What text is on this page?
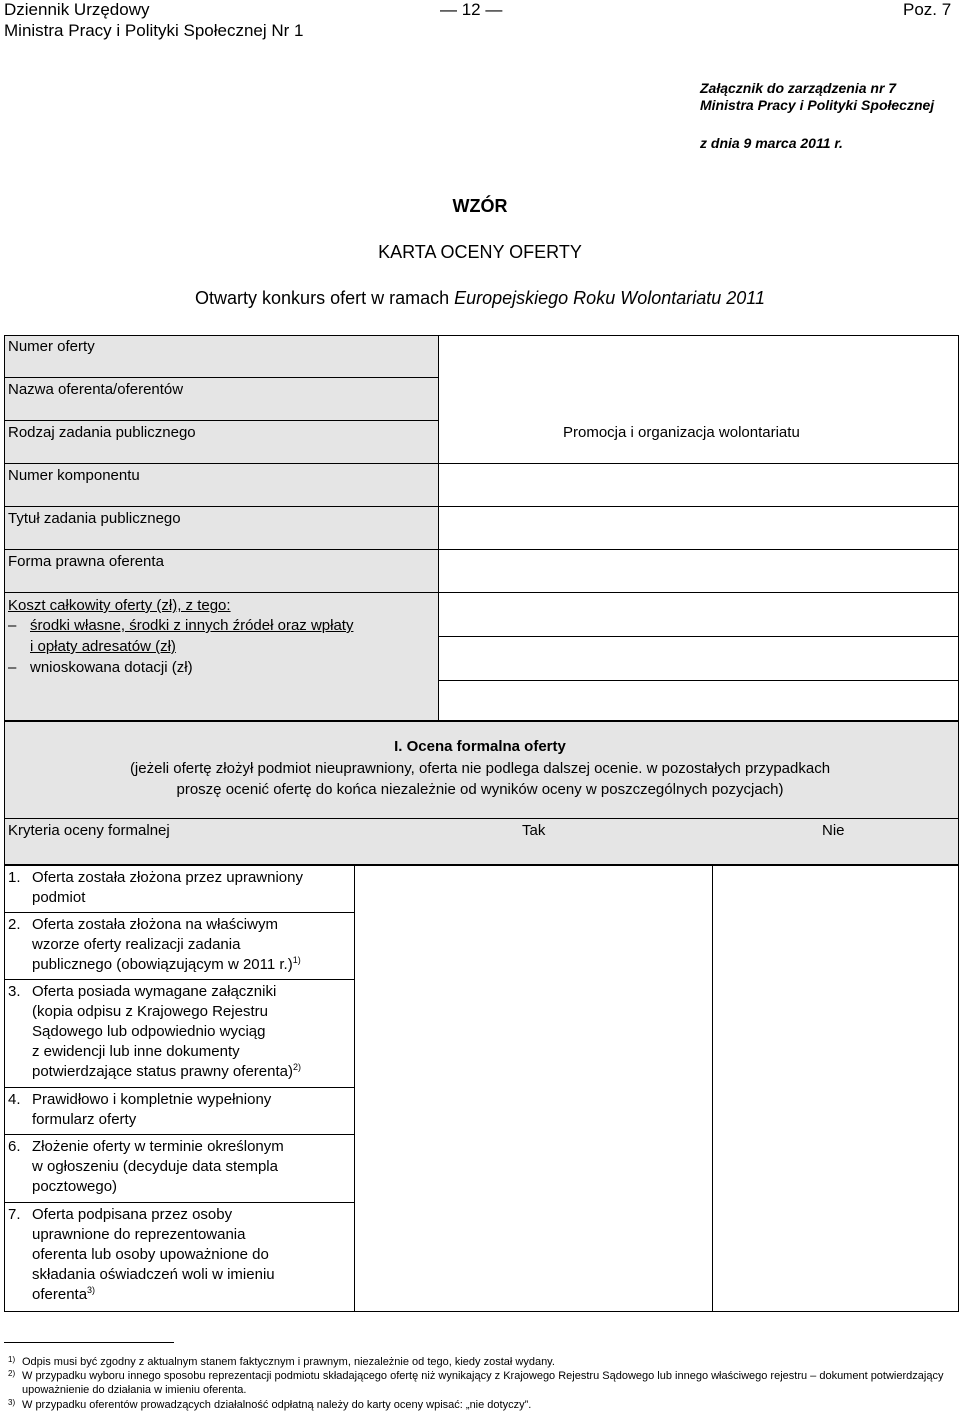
Dziennik Urzędowy
Ministra Pracy i Polityki Społecznej Nr 1
— 12 —	Poz. 7
Załącznik do zarządzenia nr 7
Ministra Pracy i Polityki Społecznej
z dnia 9 marca 2011 r.
WZÓR
KARTA OCENY OFERTY
Otwarty konkurs ofert w ramach Europejskiego Roku Wolontariatu 2011
Numer oferty
Nazwa oferenta/oferentów
Rodzaj zadania publicznego	Promocja i organizacja wolontariatu
Numer komponentu
Tytuł zadania publicznego
Forma prawna oferenta
Koszt całkowity oferty (zł), z tego:
– środki własne, środki z innych źródeł oraz wpłaty
i opłaty adresatów (zł)
– wnioskowana dotacji (zł)
I. Ocena formalna oferty
(jeżeli ofertę złożył podmiot nieuprawniony, oferta nie podlega dalszej ocenie. w pozostałych przypadkach
proszę ocenić ofertę do końca niezależnie od wyników oceny w poszczególnych pozycjach)
Kryteria oceny formalnej	Tak	Nie
1. Oferta została złożona przez uprawniony
podmiot
2. Oferta została złożona na właściwym
wzorze oferty realizacji zadania
publicznego (obowiązującym w 2011 r.)$^{1)}$
3. Oferta posiada wymagane załączniki
(kopia odpisu z Krajowego Rejestru
Sądowego lub odpowiednio wyciąg
z ewidencji lub inne dokumenty
potwierdzające status prawny oferenta)$^{2)}$
4. Prawidłowo i kompletnie wypełniony
formularz oferty
6. Złożenie oferty w terminie określonym
w ogłoszeniu (decyduje data stempla
pocztowego)
7. Oferta podpisana przez osoby
uprawnione do reprezentowania
oferenta lub osoby upoważnione do
składania oświadczeń woli w imieniu
oferenta$^{3)}$
1) Odpis musi być zgodny z aktualnym stanem faktycznym i prawnym, niezależnie od tego, kiedy został wydany.
2) W przypadku wyboru innego sposobu reprezentacji podmiotu składającego ofertę niż wynikający z Krajowego Rejestru Sądowego lub innego właściwego rejestru – dokument potwierdzający upoważnienie do działania w imieniu oferenta.
3) W przypadku oferentów prowadzących działalność odpłatną należy do karty oceny wpisać: „nie dotyczy”.
